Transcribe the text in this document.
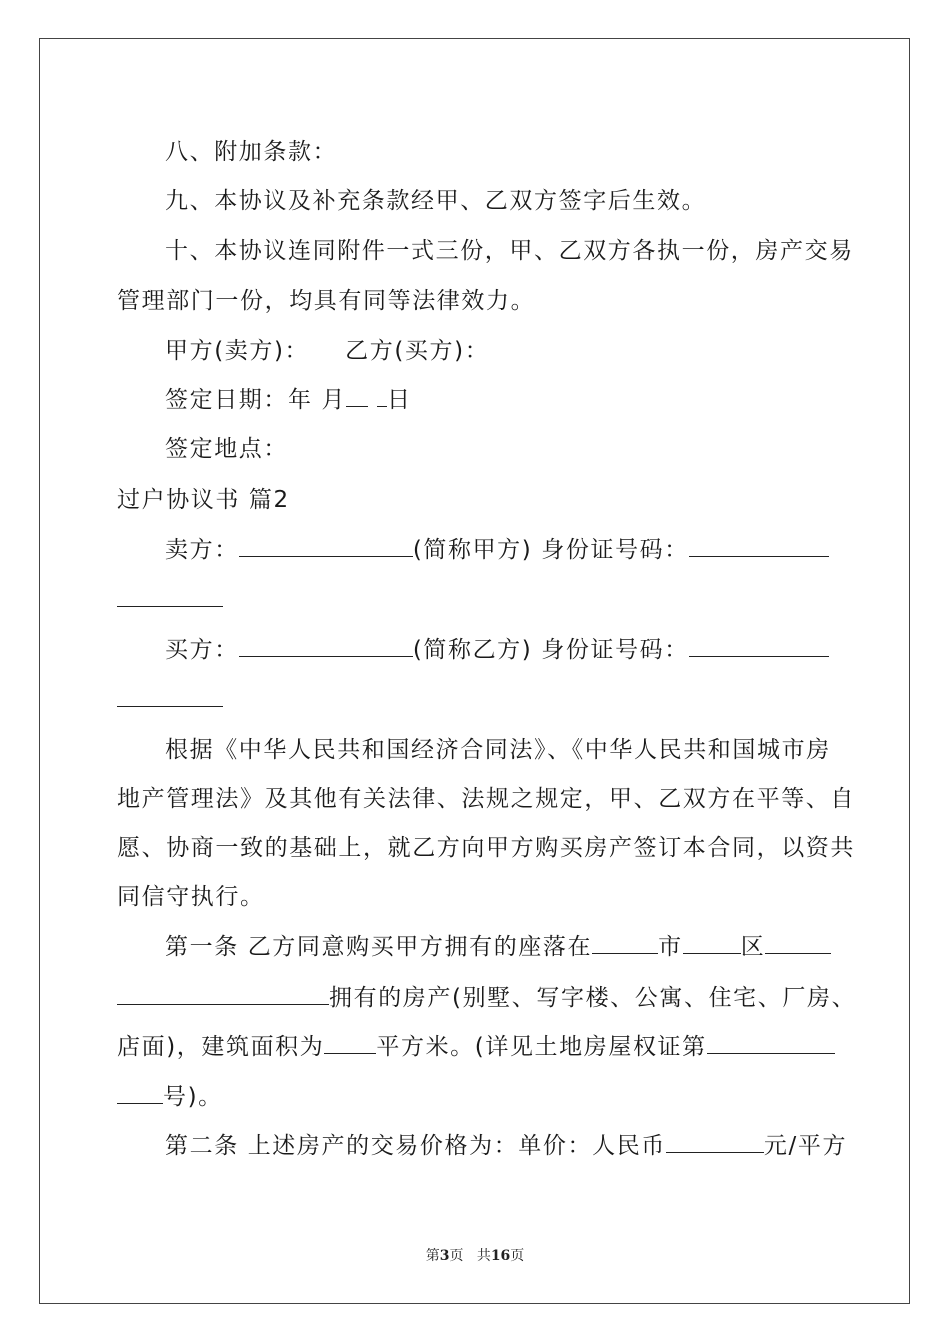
八、附加条款：
九、本协议及补充条款经甲、乙双方签字后生效。
十、本协议连同附件一式三份，甲、乙双方各执一份，房产交易
管理部门一份，均具有同等法律效力。
甲方(卖方)： 乙方(买方)：
签定日期：年 月 日
签定地点：
过户协议书 篇2
卖方：	(简称甲方) 身份证号码：
买方：	(简称乙方) 身份证号码：
根据《中华人民共和国经济合同法》、《中华人民共和国城市房
地产管理法》及其他有关法律、法规之规定，甲、乙双方在平等、自
愿、协商一致的基础上，就乙方向甲方购买房产签订本合同，以资共
同信守执行。
第一条 乙方同意购买甲方拥有的座落在	市	区
拥有的房产(别墅、写字楼、公寓、住宅、厂房、
店面)，建筑面积为 平方米。(详见土地房屋权证第
号)。
第二条 上述房产的交易价格为：单价：人民币	元/平方
第3页 共16页
